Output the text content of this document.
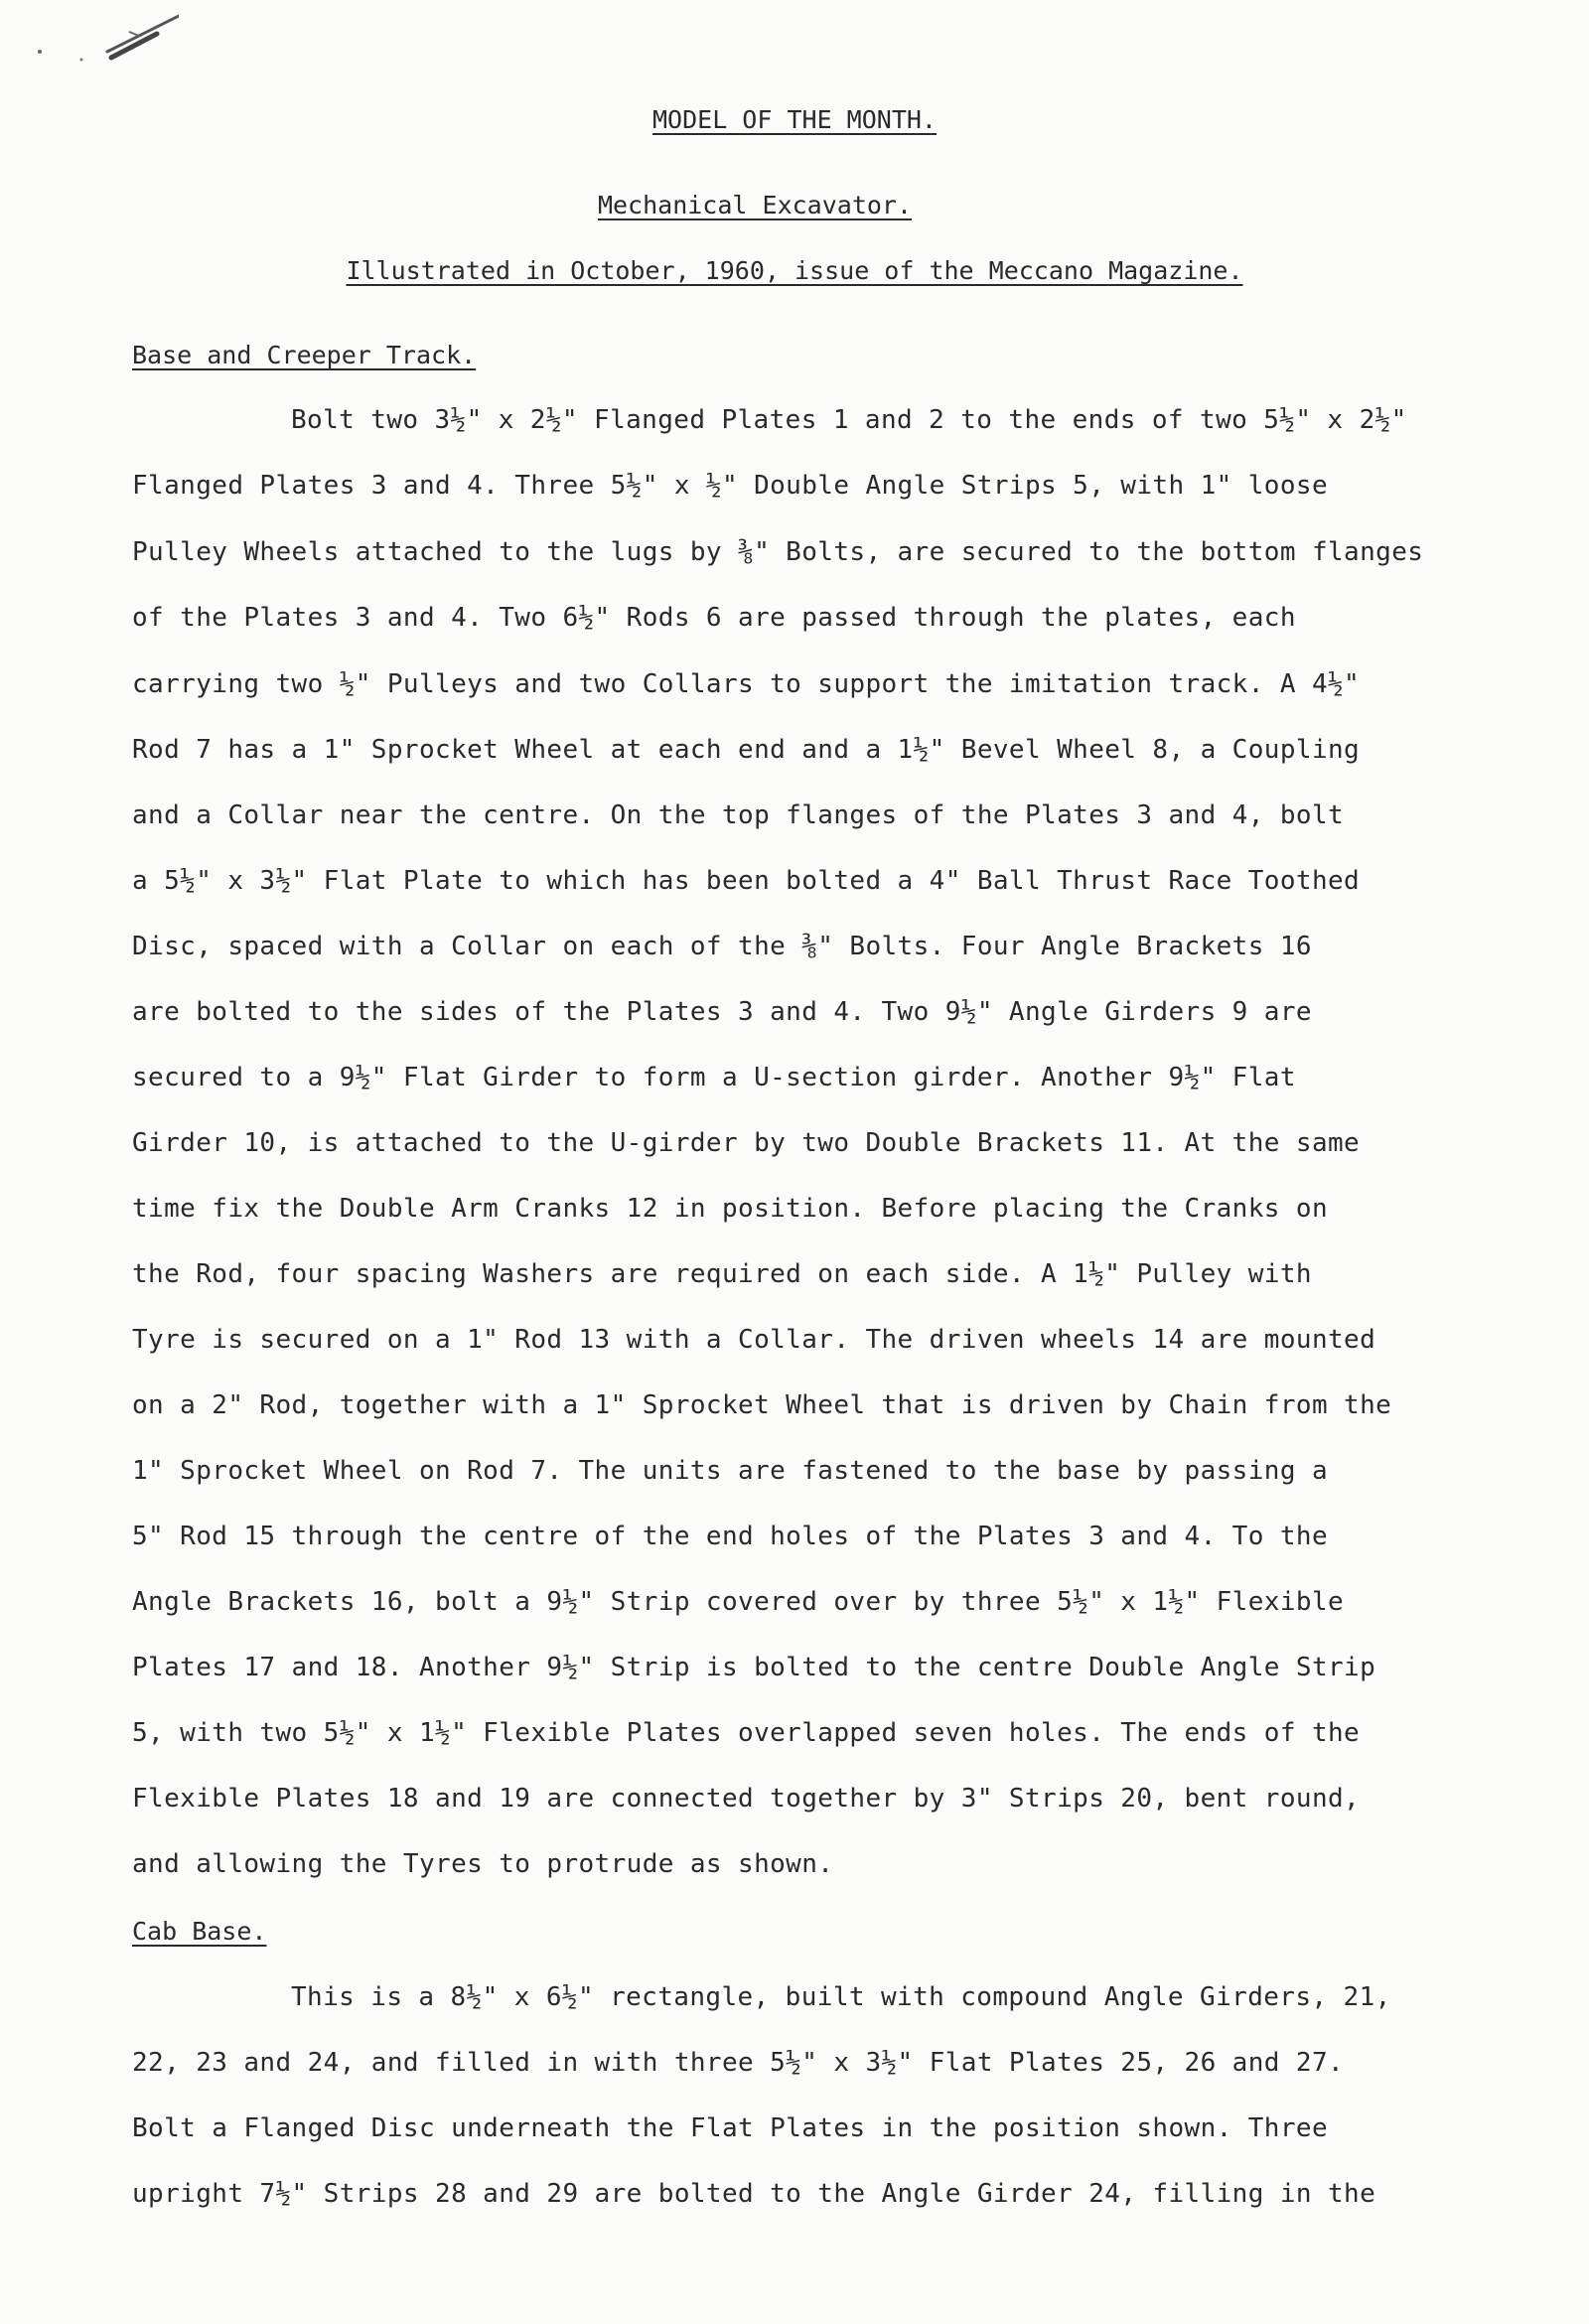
MODEL OF THE MONTH.
Mechanical Excavator.
Illustrated in October, 1960, issue of the Meccano Magazine.
Base and Creeper Track.
Bolt two 3½" x 2½" Flanged Plates 1 and 2 to the ends of two 5½" x 2½"
Flanged Plates 3 and 4. Three 5½" x ½" Double Angle Strips 5, with 1" loose
Pulley Wheels attached to the lugs by ⅜" Bolts, are secured to the bottom flanges
of the Plates 3 and 4. Two 6½" Rods 6 are passed through the plates, each
carrying two ½" Pulleys and two Collars to support the imitation track. A 4½"
Rod 7 has a 1" Sprocket Wheel at each end and a 1½" Bevel Wheel 8, a Coupling
and a Collar near the centre. On the top flanges of the Plates 3 and 4, bolt
a 5½" x 3½" Flat Plate to which has been bolted a 4" Ball Thrust Race Toothed
Disc, spaced with a Collar on each of the ⅜" Bolts. Four Angle Brackets 16
are bolted to the sides of the Plates 3 and 4. Two 9½" Angle Girders 9 are
secured to a 9½" Flat Girder to form a U-section girder. Another 9½" Flat
Girder 10, is attached to the U-girder by two Double Brackets 11. At the same
time fix the Double Arm Cranks 12 in position. Before placing the Cranks on
the Rod, four spacing Washers are required on each side. A 1½" Pulley with
Tyre is secured on a 1" Rod 13 with a Collar. The driven wheels 14 are mounted
on a 2" Rod, together with a 1" Sprocket Wheel that is driven by Chain from the
1" Sprocket Wheel on Rod 7. The units are fastened to the base by passing a
5" Rod 15 through the centre of the end holes of the Plates 3 and 4. To the
Angle Brackets 16, bolt a 9½" Strip covered over by three 5½" x 1½" Flexible
Plates 17 and 18. Another 9½" Strip is bolted to the centre Double Angle Strip
5, with two 5½" x 1½" Flexible Plates overlapped seven holes. The ends of the
Flexible Plates 18 and 19 are connected together by 3" Strips 20, bent round,
and allowing the Tyres to protrude as shown.
Cab Base.
This is a 8½" x 6½" rectangle, built with compound Angle Girders, 21,
22, 23 and 24, and filled in with three 5½" x 3½" Flat Plates 25, 26 and 27.
Bolt a Flanged Disc underneath the Flat Plates in the position shown. Three
upright 7½" Strips 28 and 29 are bolted to the Angle Girder 24, filling in the
